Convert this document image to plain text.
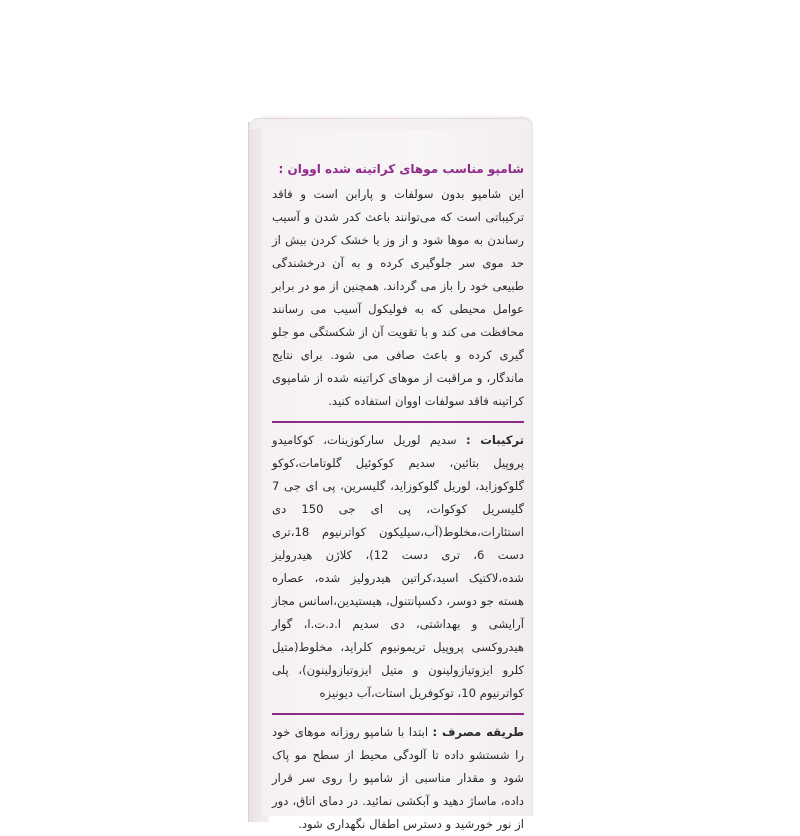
شامپو مناسب موهای کراتینه شده اووان :
این شامپو بدون سولفات و پارابن است و فاقد ترکیباتی است که می‌توانند باعث کدر شدن و آسیب رساندن به موها شود و از وز یا خشک کردن بیش از حد موی سر جلوگیری کرده و به آن درخشندگی طبیعی خود را باز می گرداند. همچنین از مو در برابر عوامل محیطی که به فولیکول آسیب می رسانند محافظت می کند و با تقویت آن از شکستگی مو جلو گیری کرده و باعث صافی می شود. برای نتایج ماندگار، و مراقبت از موهای کراتینه شده از شامپوی کراتینه فاقد سولفات اووان استفاده کنید.
ترکیبات : سدیم لوریل سارکوزینات، کوکامیدو پروپیل بتائین، سدیم کوکوئیل گلوتامات،کوکو گلوکوزاید، لوریل گلوکوزاید، گلیسرین، پی ای جی 7 گلیسریل کوکوات، پی ای جی 150 دی استئارات،مخلوط(آب،سیلیکون کواترنیوم 18،تری دست 6، تری دست 12)، کلاژن هیدرولیز شده،لاکتیک اسید،کراتین هیدرولیز شده، عصاره هسته جو دوسر، دکسپانتنول، هیستیدین،اسانس مجاز آرایشی و بهداشتی، دی سدیم ا.د.ت.ا، گوار هیدروکسی پروپیل تریمونیوم کلراید، مخلوط(متیل کلرو ایزوتیازولینون و متیل ایزوتیازولینون)، پلی کواترنیوم 10، توکوفریل استات،آب دیونیزه
طریقه مصرف : ابتدا با شامپو روزانه موهای خود را شستشو داده تا آلودگی محیط از سطح مو پاک شود و مقدار مناسبی از شامپو را روی سر قرار داده، ماساژ دهید و آبکشی نمائید. در دمای اتاق، دور از نور خورشید و دسترس اطفال نگهداری شود.
